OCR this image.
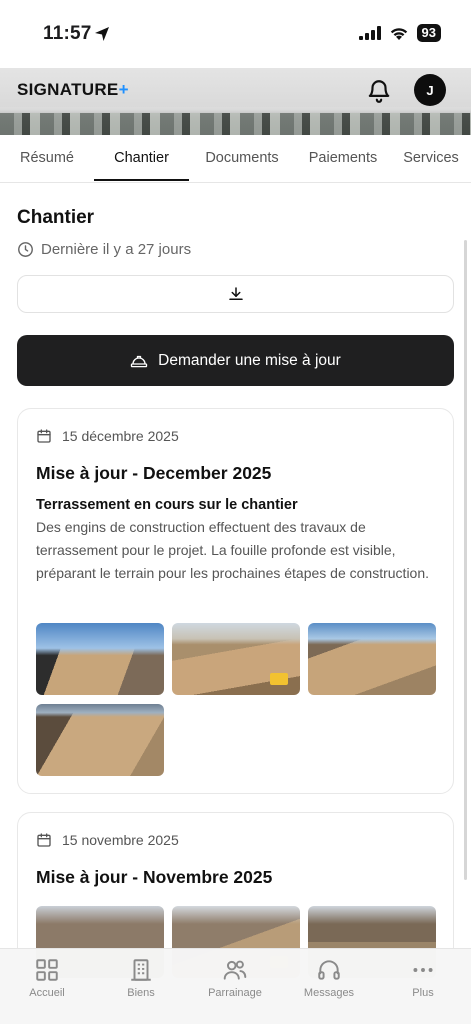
11:57	93
SIGNATURE+	J
Résumé	Chantier	Documents	Paiements	Services
Chantier
Dernière il y a 27 jours
Demander une mise à jour
15 décembre 2025
Mise à jour - December 2025
Terrassement en cours sur le chantier
Des engins de construction effectuent des travaux de terrassement pour le projet. La fouille profonde est visible, préparant le terrain pour les prochaines étapes de construction.
15 novembre 2025
Mise à jour - Novembre 2025
Accueil	Biens	Parrainage	Messages	Plus
